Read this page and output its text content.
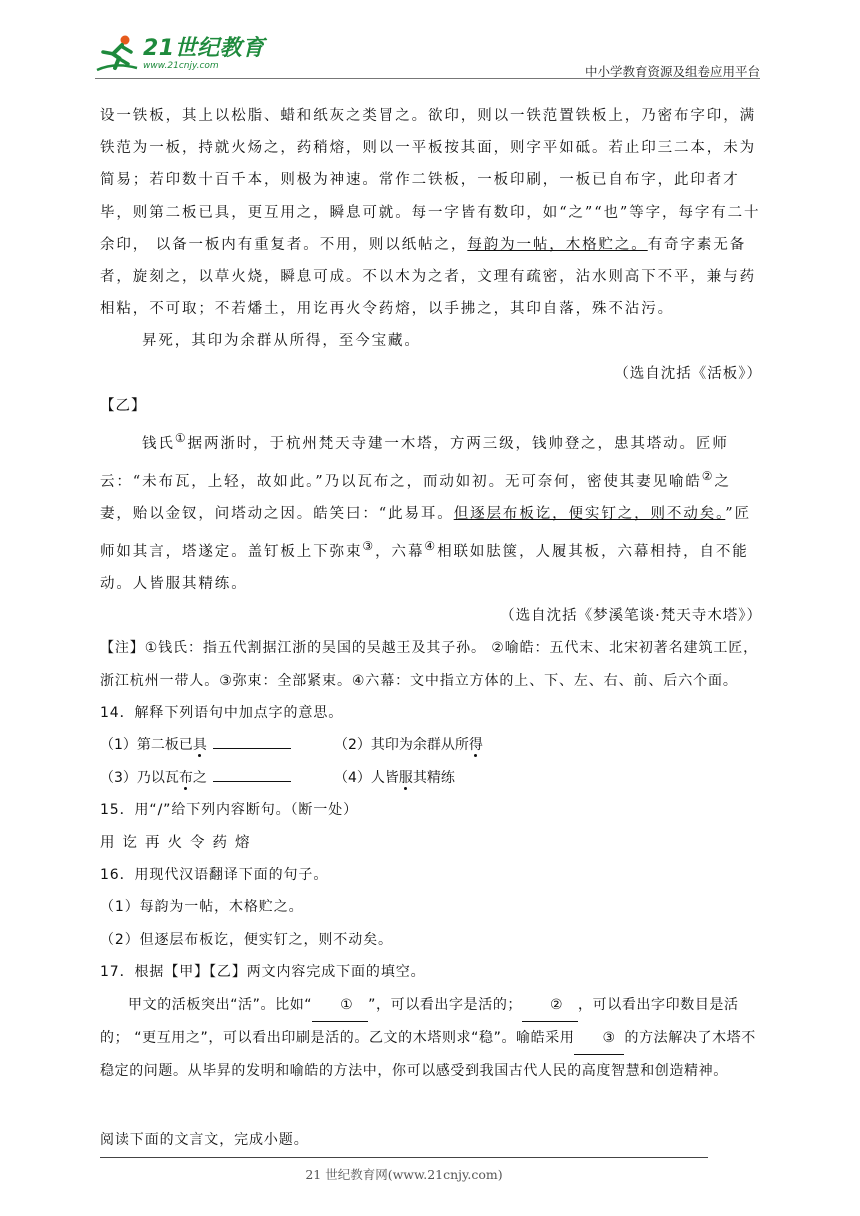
21世纪教育
www.21cnjy.com	中小学教育资源及组卷应用平台

设一铁板，其上以松脂、蜡和纸灰之类冒之。欲印，则以一铁范置铁板上，乃密布字印，满铁范为一板，持就火炀之，药稍熔，则以一平板按其面，则字平如砥。若止印三二本，未为简易；若印数十百千本，则极为神速。常作二铁板，一板印刷，一板已自布字，此印者才毕，则第二板已具，更互用之，瞬息可就。每一字皆有数印，如“之”“也”等字，每字有二十余印， 以备一板内有重复者。不用，则以纸帖之，每韵为一帖，木格贮之。有奇字素无备者，旋刻之，以草火烧，瞬息可成。不以木为之者，文理有疏密，沾水则高下不平，兼与药相粘，不可取；不若燔土，用讫再火令药熔，以手拂之，其印自落，殊不沾污。

昇死，其印为余群从所得，至今宝藏。

（选自沈括《活板》）

【乙】

钱氏①据两浙时，于杭州梵天寺建一木塔，方两三级，钱帅登之，患其塔动。匠师云：“未布瓦，上轻，故如此。”乃以瓦布之，而动如初。无可奈何，密使其妻见喻皓②之妻，贻以金钗，问塔动之因。皓笑曰：“此易耳。但逐层布板讫，便实钉之，则不动矣。”匠师如其言，塔遂定。盖钉板上下弥束③，六幕④相联如胠箧，人履其板，六幕相持，自不能动。人皆服其精练。

（选自沈括《梦溪笔谈·梵天寺木塔》）

【注】①钱氏：指五代割据江浙的吴国的吴越王及其子孙。 ②喻皓：五代末、北宋初著名建筑工匠，浙江杭州一带人。③弥束：全部紧束。④六幕：文中指立方体的上、下、左、右、前、后六个面。

14．解释下列语句中加点字的意思。

（1）第二板已具	（2）其印为余群从所得
（3）乃以瓦布之	（4）人皆服其精练

15．用“/”给下列内容断句。（断一处）

用讫再火令药熔

16．用现代汉语翻译下面的句子。

（1）每韵为一帖，木格贮之。

（2）但逐层布板讫，便实钉之，则不动矣。

17．根据【甲】【乙】两文内容完成下面的填空。

甲文的活板突出“活”。比如“ ① ”，可以看出字是活的； ② ，可以看出字印数目是活的； “更互用之”，可以看出印刷是活的。乙文的木塔则求“稳”。喻皓采用 ③ 的方法解决了木塔不稳定的问题。从毕昇的发明和喻皓的方法中，你可以感受到我国古代人民的高度智慧和创造精神。

阅读下面的文言文，完成小题。

21 世纪教育网(www.21cnjy.com)
